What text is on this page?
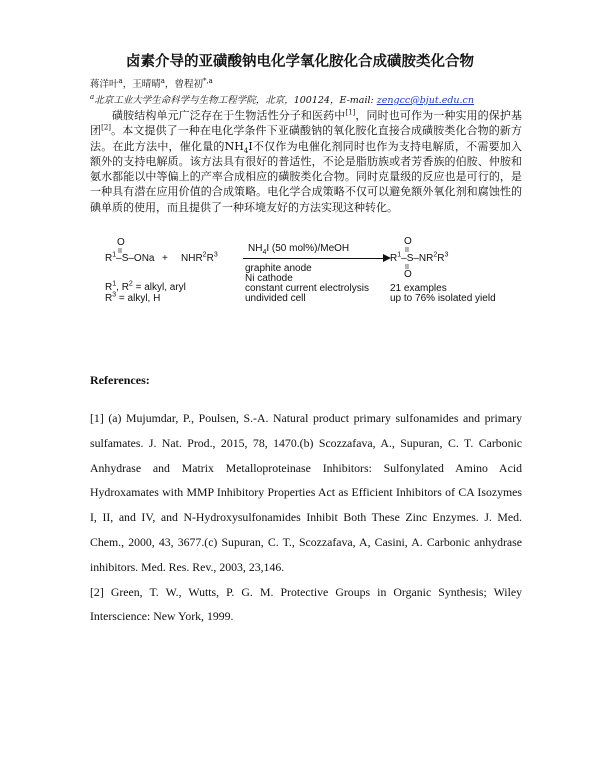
卤素介导的亚磺酸钠电化学氧化胺化合成磺胺类化合物
蒋洋叶$^a$，王晴晴$^a$，曾程初$^{*,a}$
$^a$北京工业大学生命科学与生物工程学院，北京，100124，E-mail: zengcc@bjut.edu.cn

磺胺结构单元广泛存在于生物活性分子和医药中[1]，同时也可作为一种实用的保护基团[2]。本文提供了一种在电化学条件下亚磺酸钠的氧化胺化直接合成磺胺类化合物的新方法。在此方法中，催化量的$NH_4I$不仅作为电催化剂同时也作为支持电解质，不需要加入额外的支持电解质。该方法具有很好的普适性，不论是脂肪族或者芳香族的伯胺、仲胺和氨水都能以中等偏上的产率合成相应的磺胺类化合物。同时克量级的反应也是可行的，是一种具有潜在应用价值的合成策略。电化学合成策略不仅可以避免额外氧化剂和腐蚀性的碘单质的使用，而且提供了一种环境友好的方法实现这种转化。

O
II
$R^1-S$–ONa + $NHR^2R^3$
$NH_4I$ (50 mol%)/MeOH
graphite anode
Ni cathode
constant current electrolysis
undivided cell
O
II
$R^1-S-NR^2R^3$
II
O
21 examples
up to 76% isolated yield
$R^1$, $R^2$ = alkyl, aryl
$R^3$ = alkyl, H
References:

[1] (a) Mujumdar, P., Poulsen, S.-A. Natural product primary sulfonamides and primary sulfamates. J. Nat. Prod., 2015, 78, 1470.(b) Scozzafava, A., Supuran, C. T. Carbonic Anhydrase and Matrix Metalloproteinase Inhibitors: Sulfonylated Amino Acid Hydroxamates with MMP Inhibitory Properties Act as Efficient Inhibitors of CA Isozymes I, II, and IV, and N-Hydroxysulfonamides Inhibit Both These Zinc Enzymes. J. Med. Chem., 2000, 43, 3677.(c) Supuran, C. T., Scozzafava, A, Casini, A. Carbonic anhydrase inhibitors. Med. Res. Rev., 2003, 23,146.

[2] Green, T. W., Wutts, P. G. M. Protective Groups in Organic Synthesis; Wiley Interscience: New York, 1999.
